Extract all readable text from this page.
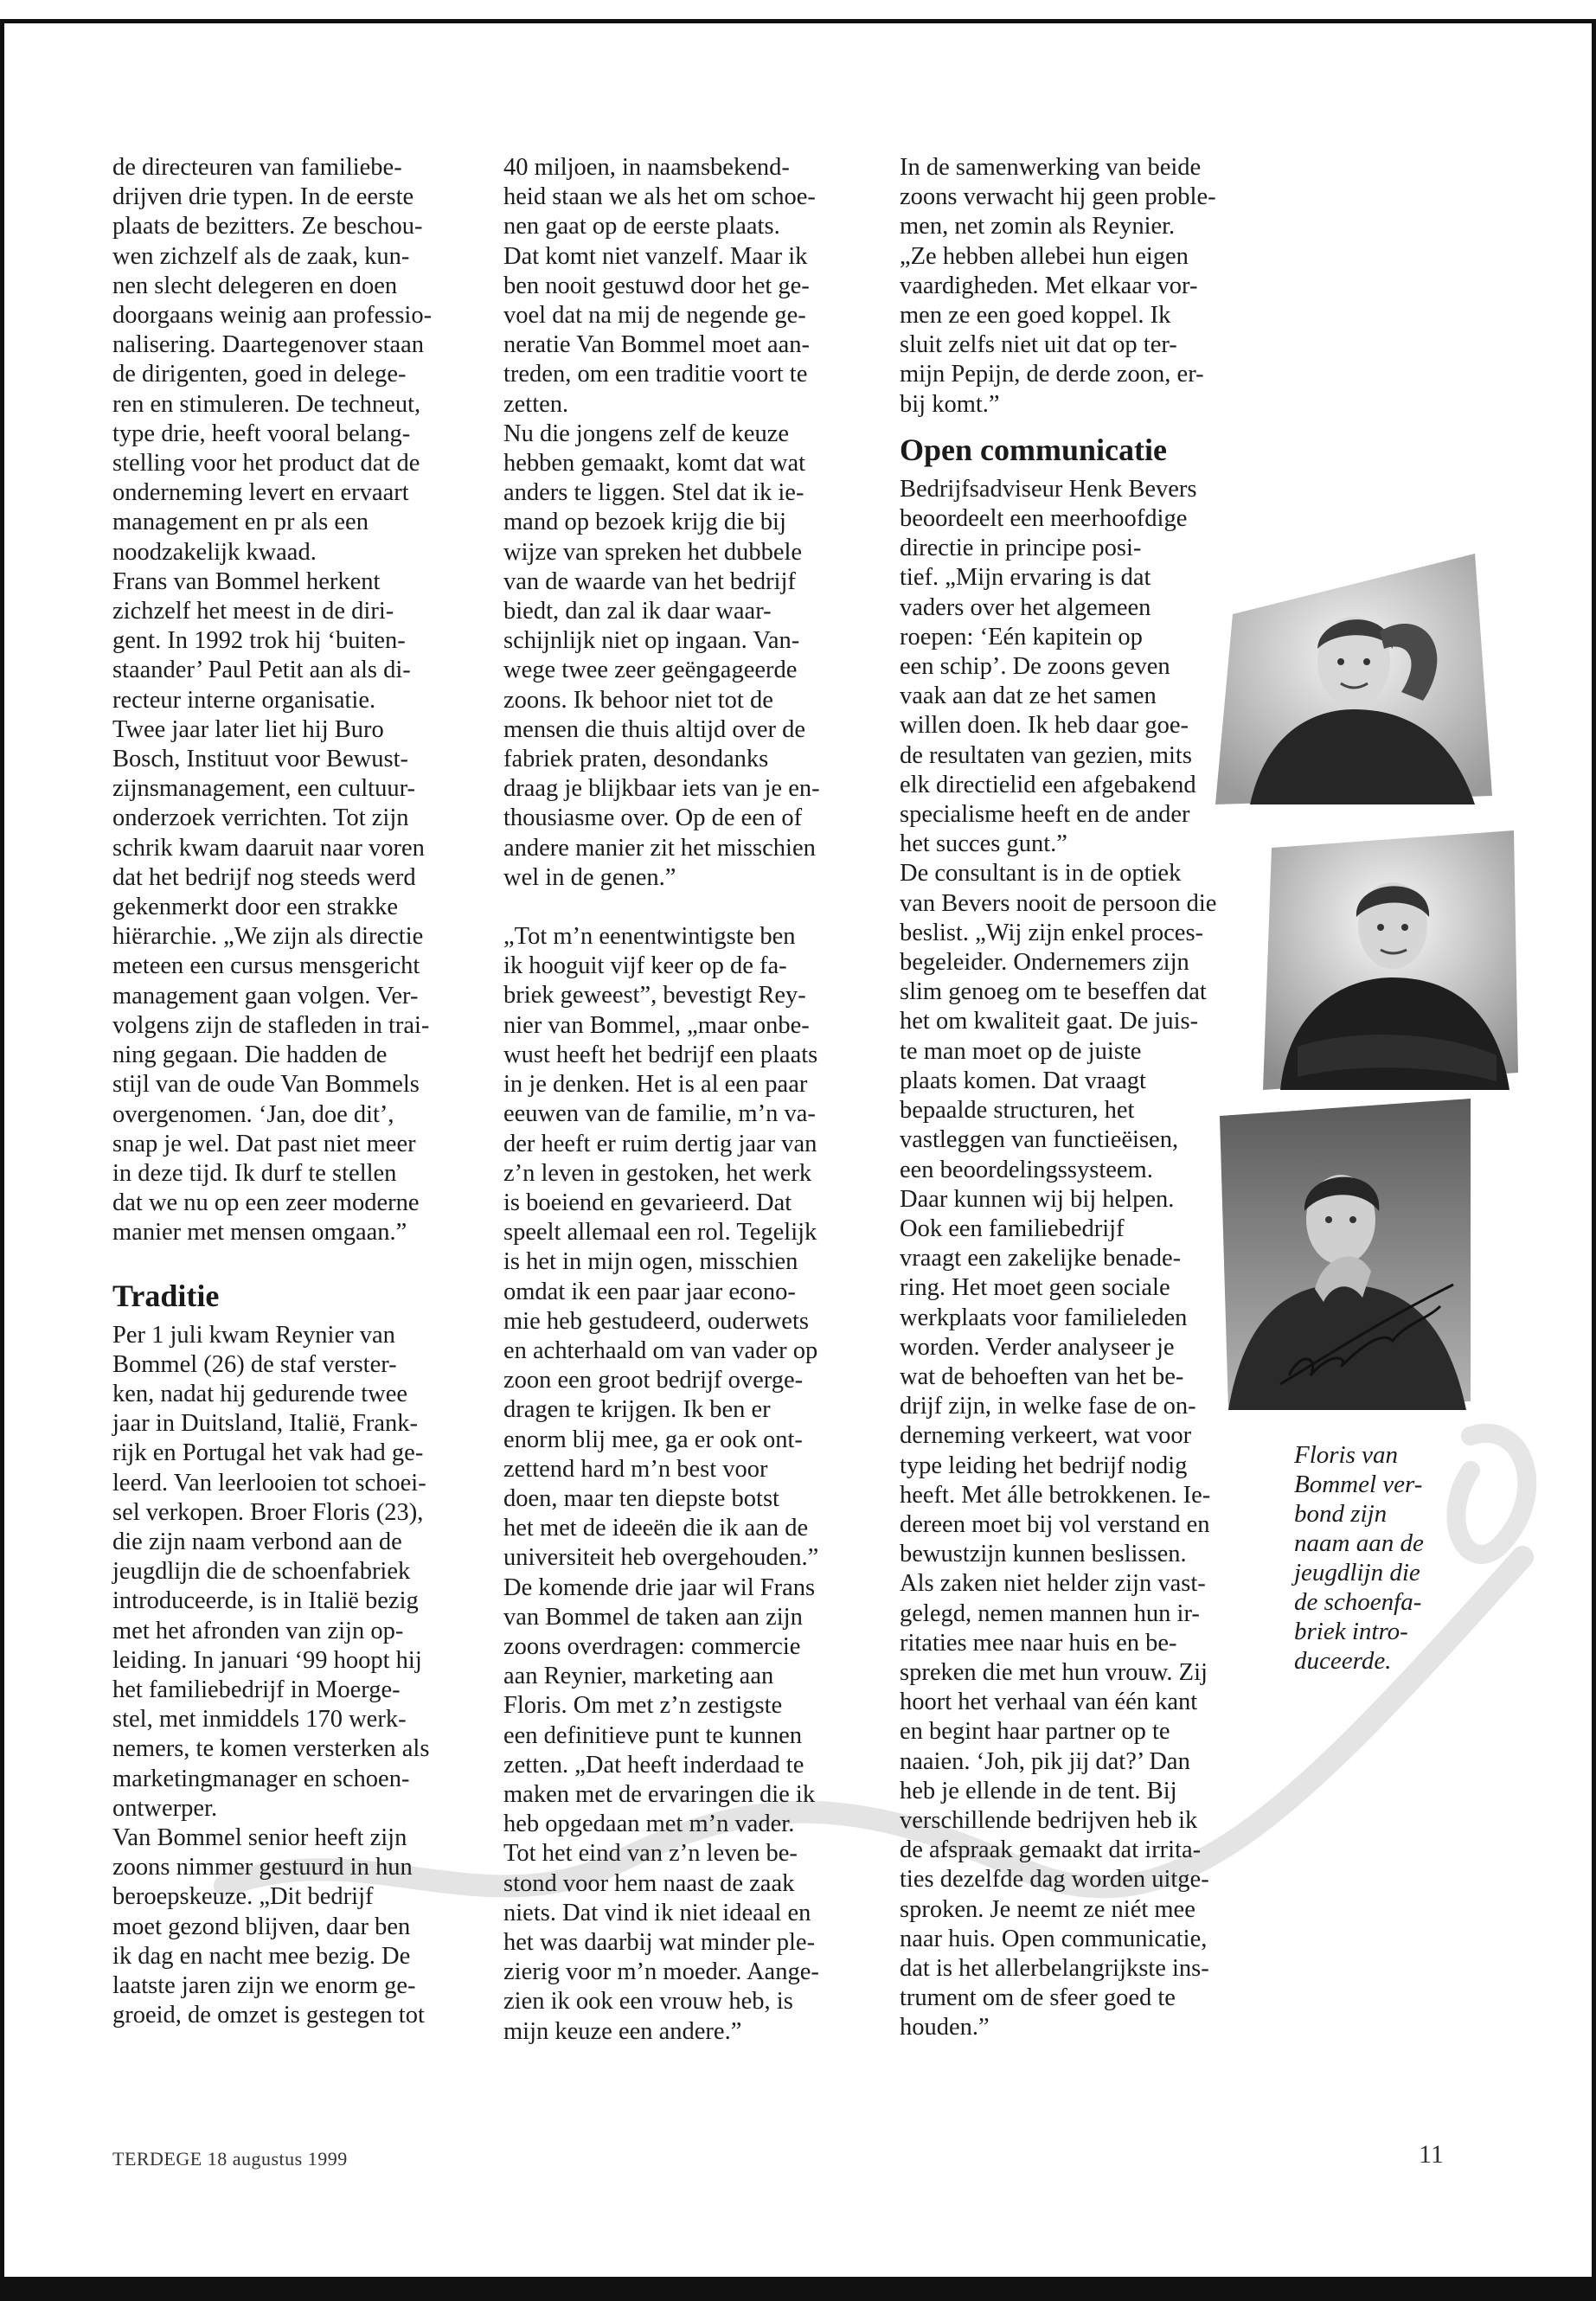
de directeuren van familiebe-

drijven drie typen. In de eerste

plaats de bezitters. Ze beschou-

wen zichzelf als de zaak, kun-

nen slecht delegeren en doen

doorgaans weinig aan professio-

nalisering. Daartegenover staan

de dirigenten, goed in delege-

ren en stimuleren. De techneut,

type drie, heeft vooral belang-

stelling voor het product dat de

onderneming levert en ervaart

management en pr als een

noodzakelijk kwaad.

Frans van Bommel herkent

zichzelf het meest in de diri-

gent. In 1992 trok hij ‘buiten-

staander’ Paul Petit aan als di-

recteur interne organisatie.

Twee jaar later liet hij Buro

Bosch, Instituut voor Bewust-

zijnsmanagement, een cultuur-

onderzoek verrichten. Tot zijn

schrik kwam daaruit naar voren

dat het bedrijf nog steeds werd

gekenmerkt door een strakke

hiërarchie. „We zijn als directie

meteen een cursus mensgericht

management gaan volgen. Ver-

volgens zijn de stafleden in trai-

ning gegaan. Die hadden de

stijl van de oude Van Bommels

overgenomen. ‘Jan, doe dit’,

snap je wel. Dat past niet meer

in deze tijd. Ik durf te stellen

dat we nu op een zeer moderne

manier met mensen omgaan.”

Traditie

Per 1 juli kwam Reynier van

Bommel (26) de staf verster-

ken, nadat hij gedurende twee

jaar in Duitsland, Italië, Frank-

rijk en Portugal het vak had ge-

leerd. Van leerlooien tot schoei-

sel verkopen. Broer Floris (23),

die zijn naam verbond aan de

jeugdlijn die de schoenfabriek

introduceerde, is in Italië bezig

met het afronden van zijn op-

leiding. In januari ‘99 hoopt hij

het familiebedrijf in Moerge-

stel, met inmiddels 170 werk-

nemers, te komen versterken als

marketingmanager en schoen-

ontwerper.

Van Bommel senior heeft zijn

zoons nimmer gestuurd in hun

beroepskeuze. „Dit bedrijf

moet gezond blijven, daar ben

ik dag en nacht mee bezig. De

laatste jaren zijn we enorm ge-

groeid, de omzet is gestegen tot

40 miljoen, in naamsbekend-

heid staan we als het om schoe-

nen gaat op de eerste plaats.

Dat komt niet vanzelf. Maar ik

ben nooit gestuwd door het ge-

voel dat na mij de negende ge-

neratie Van Bommel moet aan-

treden, om een traditie voort te

zetten.

Nu die jongens zelf de keuze

hebben gemaakt, komt dat wat

anders te liggen. Stel dat ik ie-

mand op bezoek krijg die bij

wijze van spreken het dubbele

van de waarde van het bedrijf

biedt, dan zal ik daar waar-

schijnlijk niet op ingaan. Van-

wege twee zeer geëngageerde

zoons. Ik behoor niet tot de

mensen die thuis altijd over de

fabriek praten, desondanks

draag je blijkbaar iets van je en-

thousiasme over. Op de een of

andere manier zit het misschien

wel in de genen.”

„Tot m’n eenentwintigste ben

ik hooguit vijf keer op de fa-

briek geweest”, bevestigt Rey-

nier van Bommel, „maar onbe-

wust heeft het bedrijf een plaats

in je denken. Het is al een paar

eeuwen van de familie, m’n va-

der heeft er ruim dertig jaar van

z’n leven in gestoken, het werk

is boeiend en gevarieerd. Dat

speelt allemaal een rol. Tegelijk

is het in mijn ogen, misschien

omdat ik een paar jaar econo-

mie heb gestudeerd, ouderwets

en achterhaald om van vader op

zoon een groot bedrijf overge-

dragen te krijgen. Ik ben er

enorm blij mee, ga er ook ont-

zettend hard m’n best voor

doen, maar ten diepste botst

het met de ideeën die ik aan de

universiteit heb overgehouden.”

De komende drie jaar wil Frans

van Bommel de taken aan zijn

zoons overdragen: commercie

aan Reynier, marketing aan

Floris. Om met z’n zestigste

een definitieve punt te kunnen

zetten. „Dat heeft inderdaad te

maken met de ervaringen die ik

heb opgedaan met m’n vader.

Tot het eind van z’n leven be-

stond voor hem naast de zaak

niets. Dat vind ik niet ideaal en

het was daarbij wat minder ple-

zierig voor m’n moeder. Aange-

zien ik ook een vrouw heb, is

mijn keuze een andere.”

In de samenwerking van beide

zoons verwacht hij geen proble-

men, net zomin als Reynier.

„Ze hebben allebei hun eigen

vaardigheden. Met elkaar vor-

men ze een goed koppel. Ik

sluit zelfs niet uit dat op ter-

mijn Pepijn, de derde zoon, er-

bij komt.”

Open communicatie

Bedrijfsadviseur Henk Bevers

beoordeelt een meerhoofdige

directie in principe posi-

tief. „Mijn ervaring is dat

vaders over het algemeen

roepen: ‘Eén kapitein op

een schip’. De zoons geven

vaak aan dat ze het samen

willen doen. Ik heb daar goe-

de resultaten van gezien, mits

elk directielid een afgebakend

specialisme heeft en de ander

het succes gunt.”

De consultant is in de optiek

van Bevers nooit de persoon die

beslist. „Wij zijn enkel proces-

begeleider. Ondernemers zijn

slim genoeg om te beseffen dat

het om kwaliteit gaat. De juis-

te man moet op de juiste

plaats komen. Dat vraagt

bepaalde structuren, het

vastleggen van functieëisen,

een beoordelingssysteem.

Daar kunnen wij bij helpen.

Ook een familiebedrijf

vraagt een zakelijke benade-

ring. Het moet geen sociale

werkplaats voor familieleden

worden. Verder analyseer je

wat de behoeften van het be-

drijf zijn, in welke fase de on-

derneming verkeert, wat voor

type leiding het bedrijf nodig

heeft. Met álle betrokkenen. Ie-

dereen moet bij vol verstand en

bewustzijn kunnen beslissen.

Als zaken niet helder zijn vast-

gelegd, nemen mannen hun ir-

ritaties mee naar huis en be-

spreken die met hun vrouw. Zij

hoort het verhaal van één kant

en begint haar partner op te

naaien. ‘Joh, pik jij dat?’ Dan

heb je ellende in de tent. Bij

verschillende bedrijven heb ik

de afspraak gemaakt dat irrita-

ties dezelfde dag worden uitge-

sproken. Je neemt ze niét mee

naar huis. Open communicatie,

dat is het allerbelangrijkste ins-

trument om de sfeer goed te

houden.”

Floris van

Bommel ver-

bond zijn

naam aan de

jeugdlijn die

de schoenfa-

briek intro-

duceerde.

TERDEGE 18 augustus 1999	11
